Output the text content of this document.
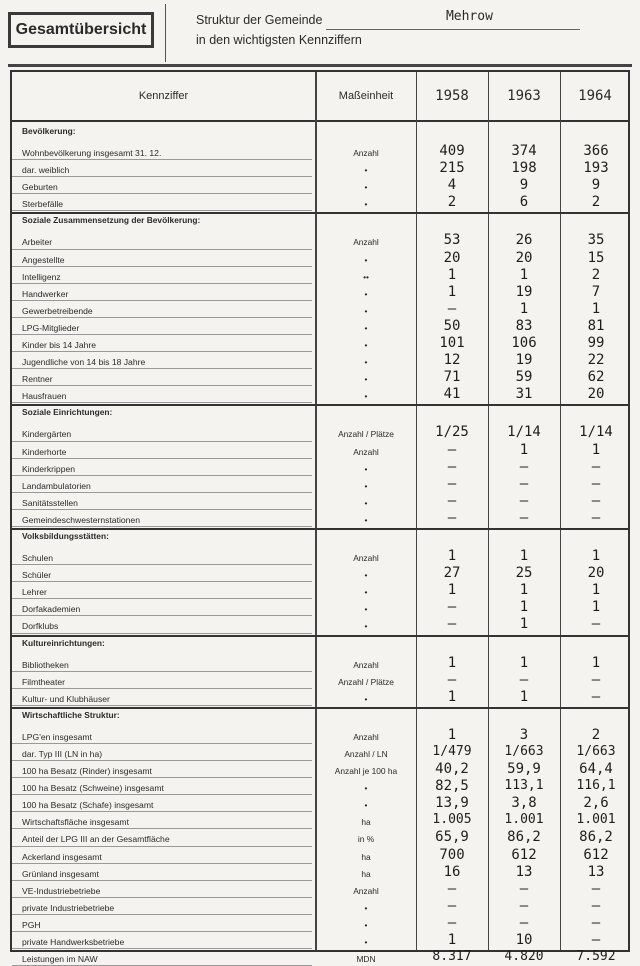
Gesamtübersicht
Struktur der Gemeinde	Mehrow
in den wichtigsten Kennziffern
Kennziffer	Maßeinheit	1958	1963	1964
Bevölkerung:
Wohnbevölkerung insgesamt 31. 12.	Anzahl	409	374	366
dar. weiblich	•	215	198	193
Geburten	•	4	9	9
Sterbefälle	•	2	6	2
Soziale Zusammensetzung der Bevölkerung:
Arbeiter	Anzahl	53	26	35
Angestellte	•	20	20	15
Intelligenz	••	1	1	2
Handwerker	•	1	19	7
Gewerbetreibende	•	–	1	1
LPG-Mitglieder	•	50	83	81
Kinder bis 14 Jahre	•	101	106	99
Jugendliche von 14 bis 18 Jahre	•	12	19	22
Rentner	•	71	59	62
Hausfrauen	•	41	31	20
Soziale Einrichtungen:
Kindergärten	Anzahl / Plätze	1/25	1/14	1/14
Kinderhorte	Anzahl	–	1	1
Kinderkrippen	•	–	–	–
Landambulatorien	•	–	–	–
Sanitätsstellen	•	–	–	–
Gemeindeschwesternstationen	•	–	–	–
Volksbildungsstätten:
Schulen	Anzahl	1	1	1
Schüler	•	27	25	20
Lehrer	•	1	1	1
Dorfakademien	•	–	1	1
Dorfklubs	•	–	1	–
Kultureinrichtungen:
Bibliotheken	Anzahl	1	1	1
Filmtheater	Anzahl / Plätze	–	–	–
Kultur- und Klubhäuser	•	1	1	–
Wirtschaftliche Struktur:
LPG'en insgesamt	Anzahl	1	3	2
dar. Typ III (LN in ha)	Anzahl / LN	1/479	1/663	1/663
100 ha Besatz (Rinder) insgesamt	Anzahl je 100 ha	40,2	59,9	64,4
100 ha Besatz (Schweine) insgesamt	•	82,5	113,1	116,1
100 ha Besatz (Schafe) insgesamt	•	13,9	3,8	2,6
Wirtschaftsfläche insgesamt	ha	1.005	1.001	1.001
Anteil der LPG III an der Gesamtfläche	in %	65,9	86,2	86,2
Ackerland insgesamt	ha	700	612	612
Grünland insgesamt	ha	16	13	13
VE-Industriebetriebe	Anzahl	–	–	–
private Industriebetriebe	•	–	–	–
PGH	•	–	–	–
private Handwerksbetriebe	•	1	10	–
Leistungen im NAW	MDN	8.317	4.820	7.592
